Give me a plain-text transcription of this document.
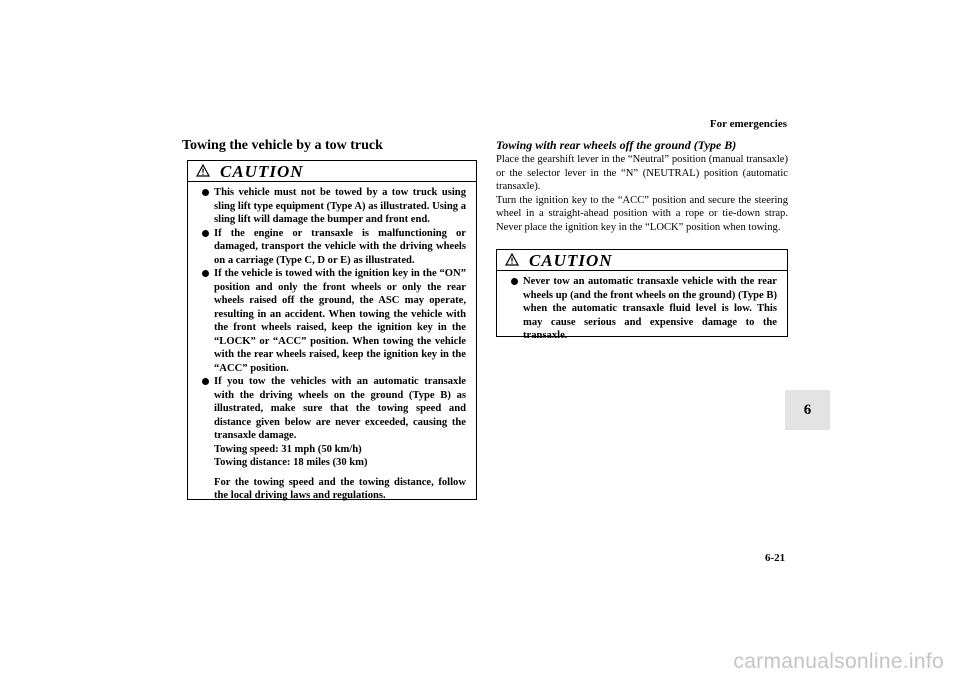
For emergencies
Towing the vehicle by a tow truck
CAUTION
This vehicle must not be towed by a tow truck using sling lift type equipment (Type A) as illustrated. Using a sling lift will damage the bumper and front end.
If the engine or transaxle is malfunctioning or damaged, transport the vehicle with the driving wheels on a carriage (Type C, D or E) as illustrated.
If the vehicle is towed with the ignition key in the “ON” position and only the front wheels or only the rear wheels raised off the ground, the ASC may operate, resulting in an accident. When towing the vehicle with the front wheels raised, keep the ignition key in the “LOCK” or “ACC” position. When towing the vehicle with the rear wheels raised, keep the ignition key in the “ACC” position.
If you tow the vehicles with an automatic transaxle with the driving wheels on the ground (Type B) as illustrated, make sure that the towing speed and distance given below are never exceeded, causing the transaxle damage.
Towing speed: 31 mph (50 km/h)
Towing distance: 18 miles (30 km)
For the towing speed and the towing distance, follow the local driving laws and regulations.
Towing with rear wheels off the ground (Type B)
Place the gearshift lever in the “Neutral” position (manual transaxle) or the selector lever in the “N” (NEUTRAL) position (automatic transaxle).
Turn the ignition key to the “ACC” position and secure the steering wheel in a straight-ahead position with a rope or tie-down strap. Never place the ignition key in the “LOCK” position when towing.
CAUTION
Never tow an automatic transaxle vehicle with the rear wheels up (and the front wheels on the ground) (Type B) when the automatic transaxle fluid level is low. This may cause serious and expensive damage to the transaxle.
6
6-21
carmanualsonline.info
